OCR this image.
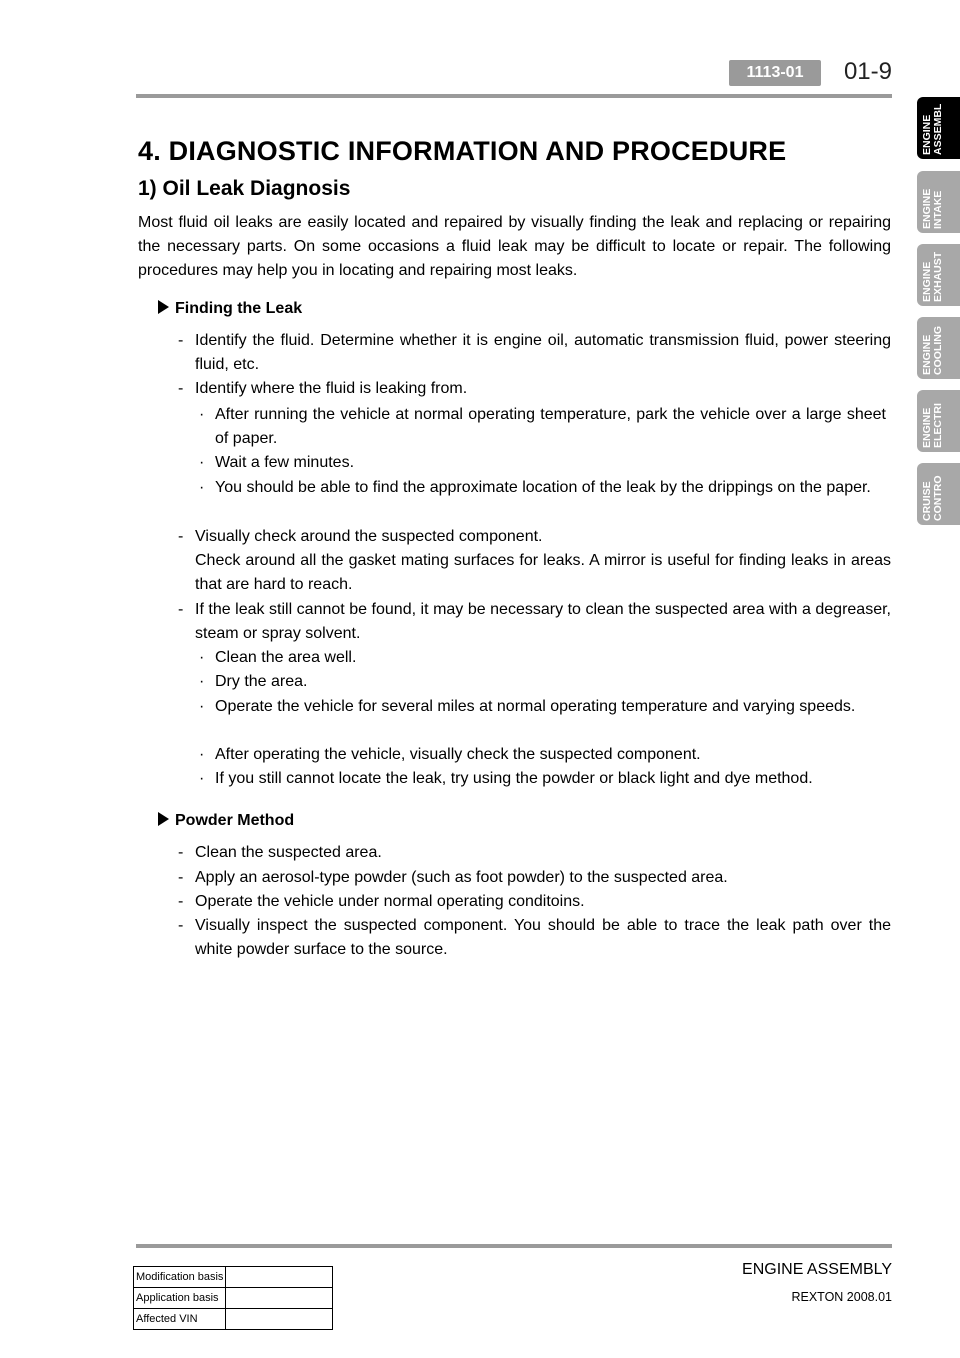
1113-01	01-9
ENGINE
ASSEMBL
ENGINE
INTAKE
ENGINE
EXHAUST
ENGINE
COOLING
ENGINE
ELECTRI
CRUISE
CONTRO
4. DIAGNOSTIC INFORMATION AND PROCEDURE
1) Oil Leak Diagnosis
Most fluid oil leaks are easily located and repaired by visually finding the leak and replacing or repairing the necessary parts. On some occasions a fluid leak may be difficult to locate or repair. The following procedures may help you in locating and repairing most leaks.
Finding the Leak
- Identify the fluid. Determine whether it is engine oil, automatic transmission fluid, power steering fluid, etc.
- Identify where the fluid is leaking from.
· After running the vehicle at normal operating temperature, park the vehicle over a large sheet of paper.
· Wait a few minutes.
· You should be able to find the approximate location of the leak by the drippings on the paper.
- Visually check around the suspected component.
Check around all the gasket mating surfaces for leaks. A mirror is useful for finding leaks in areas that are hard to reach.
- If the leak still cannot be found, it may be necessary to clean the suspected area with a degreaser, steam or spray solvent.
· Clean the area well.
· Dry the area.
· Operate the vehicle for several miles at normal operating temperature and varying speeds.
· After operating the vehicle, visually check the suspected component.
· If you still cannot locate the leak, try using the powder or black light and dye method.
Powder Method
- Clean the suspected area.
- Apply an aerosol-type powder (such as foot powder) to the suspected area.
- Operate the vehicle under normal operating conditoins.
- Visually inspect the suspected component. You should be able to trace the leak path over the white powder surface to the source.
Modification basis	
Application basis	
Affected VIN	
ENGINE ASSEMBLY
REXTON 2008.01
